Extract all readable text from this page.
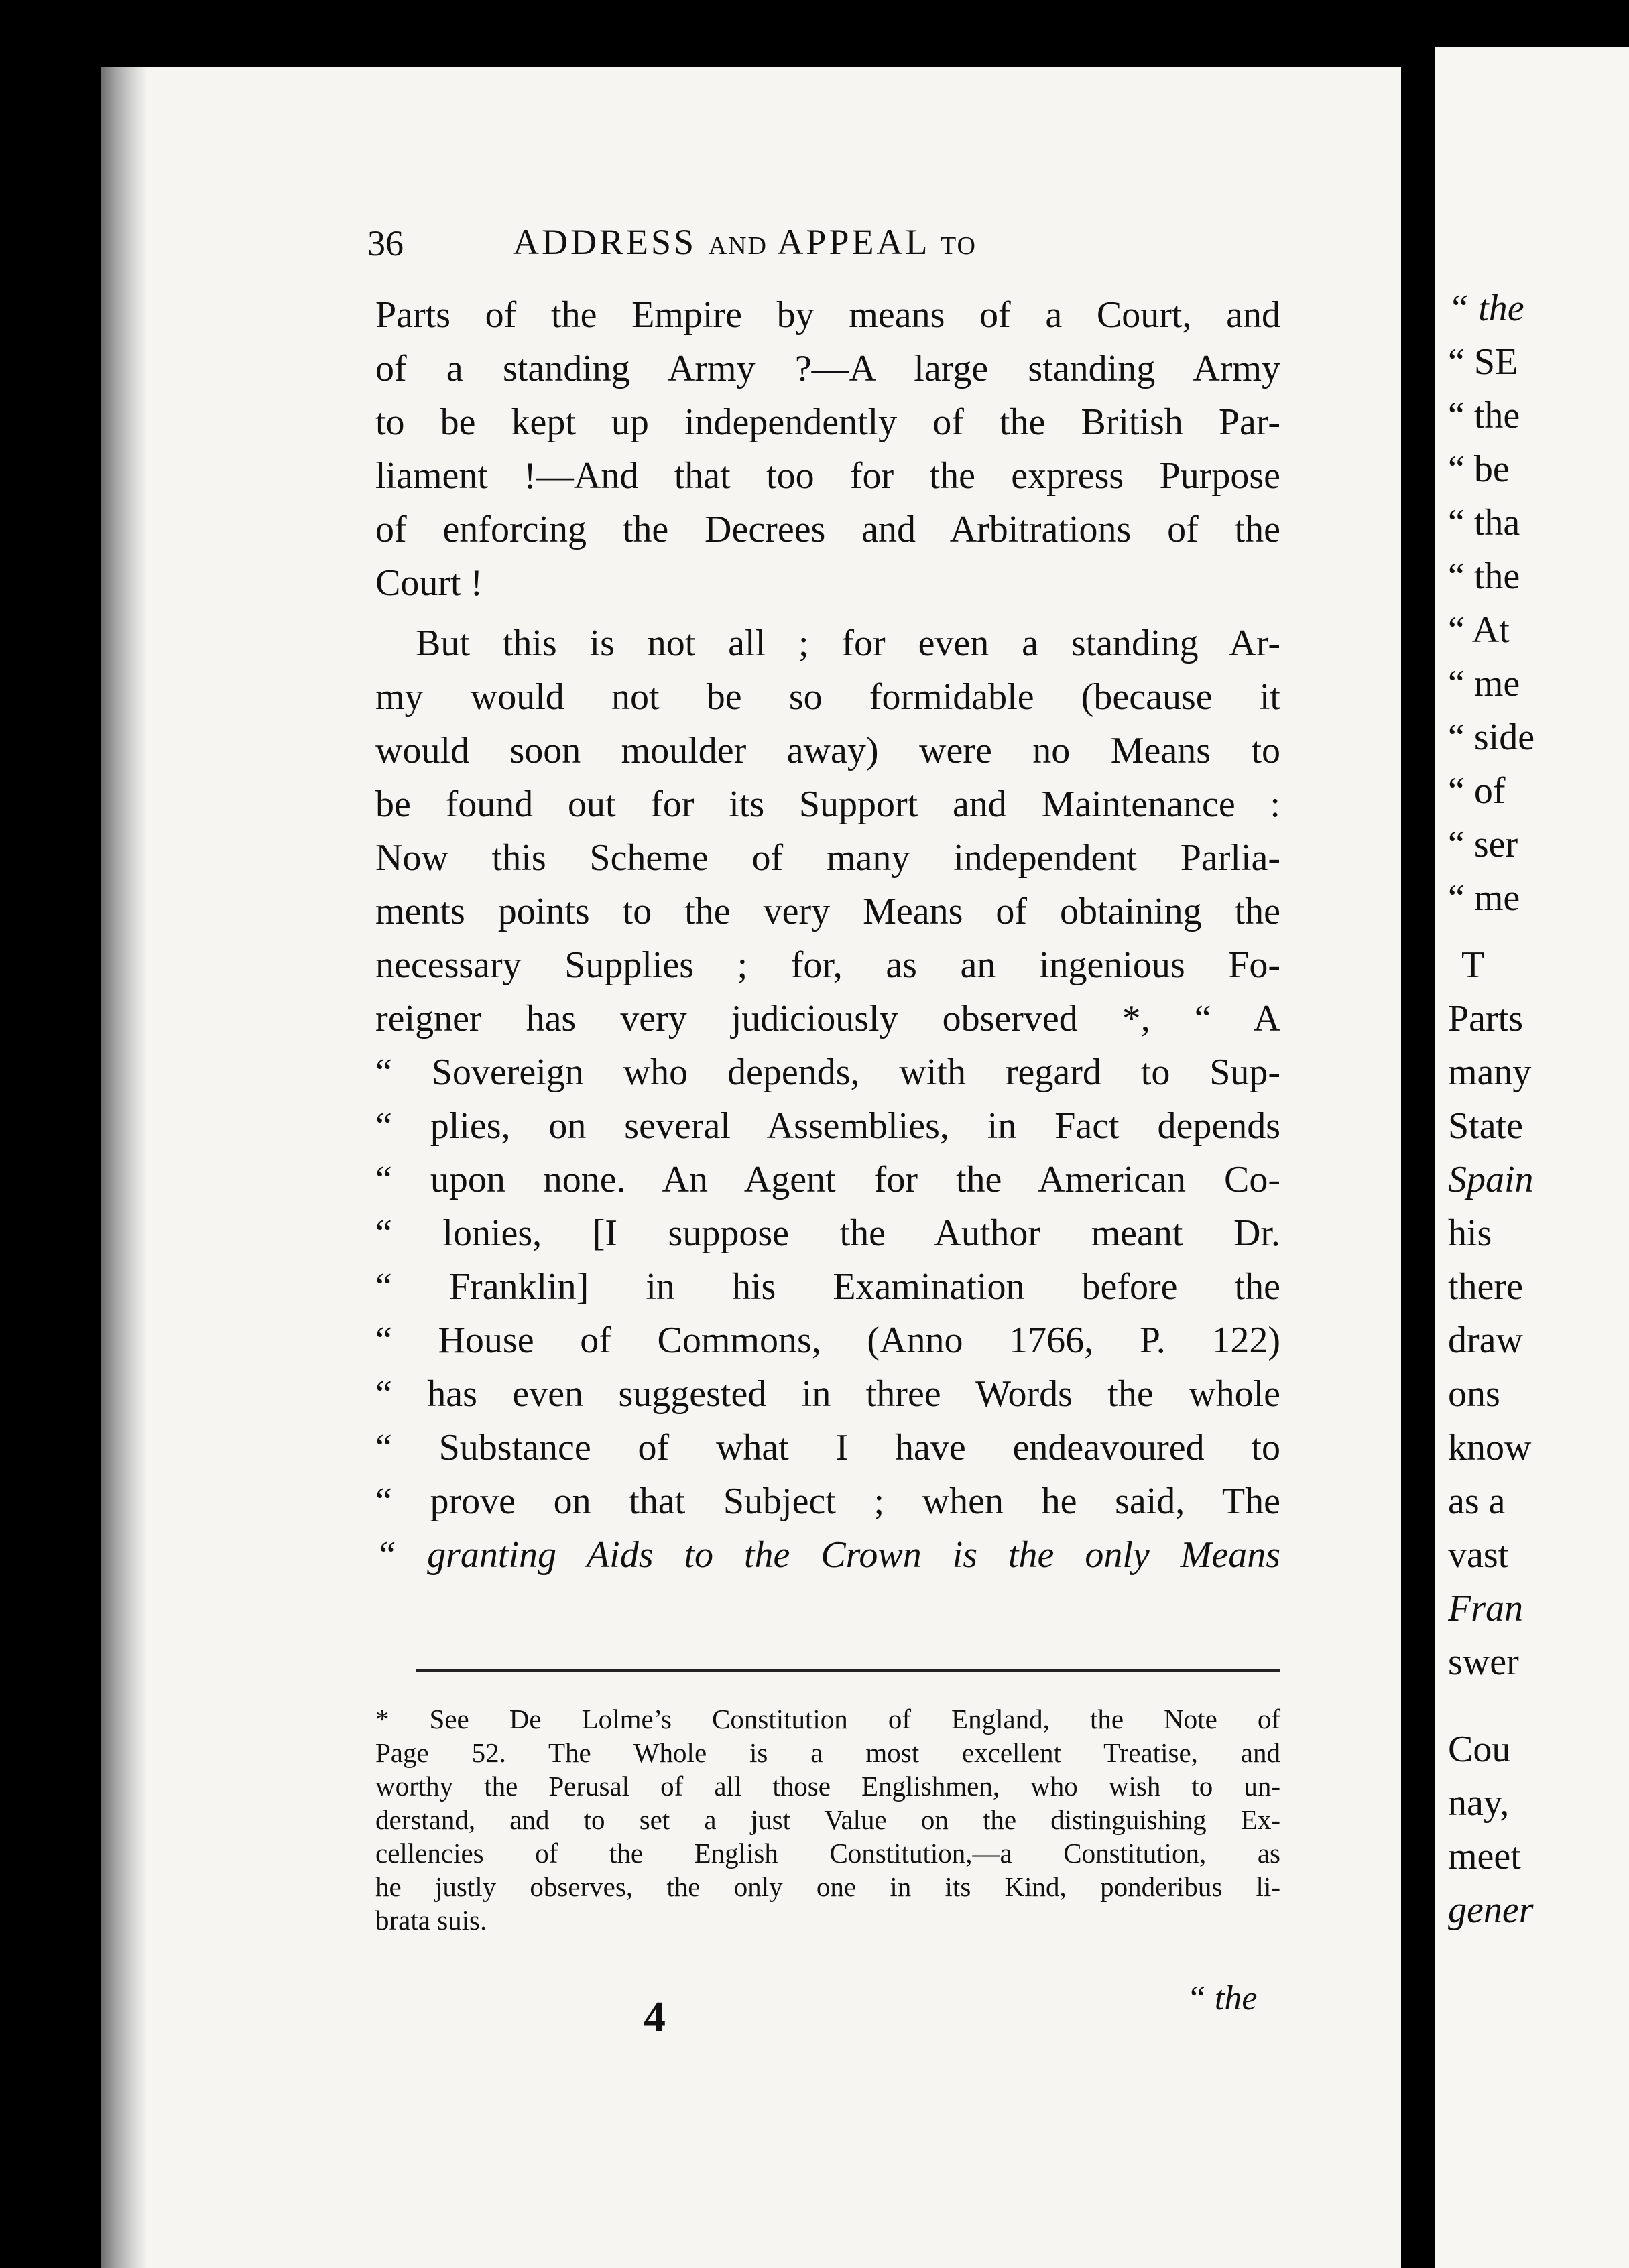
36	ADDRESS AND APPEAL TO
Parts of the Empire by means of a Court, and
of a standing Army ?—A large standing Army
to be kept up independently of the British Par-
liament !—And that too for the express Purpose
of enforcing the Decrees and Arbitrations of the
Court !
But this is not all ; for even a standing Ar-
my would not be so formidable (because it
would soon moulder away) were no Means to
be found out for its Support and Maintenance :
Now this Scheme of many independent Parlia-
ments points to the very Means of obtaining the
necessary Supplies ; for, as an ingenious Fo-
reigner has very judiciously observed *, “ A
“ Sovereign who depends, with regard to Sup-
“ plies, on several Assemblies, in Fact depends
“ upon none. An Agent for the American Co-
“ lonies, [I suppose the Author meant Dr.
“ Franklin] in his Examination before the
“ House of Commons, (Anno 1766, P. 122)
“ has even suggested in three Words the whole
“ Substance of what I have endeavoured to
“ prove on that Subject ; when he said, The
“ granting Aids to the Crown is the only Means
* See De Lolme’s Constitution of England, the Note of
Page 52. The Whole is a most excellent Treatise, and
worthy the Perusal of all those Englishmen, who wish to un-
derstand, and to set a just Value on the distinguishing Ex-
cellencies of the English Constitution,—a Constitution, as
he justly observes, the only one in its Kind, ponderibus li-
brata suis.
4	“ the
“ the
“ SE
“ the
“ be
“ tha
“ the
“ At
“ me
“ side
“ of
“ ser
“ me
T
Parts
many
State
Spain
his
there
draw
ons
know
as a
vast
Fran
swer
Cou
nay,
meet
gener
